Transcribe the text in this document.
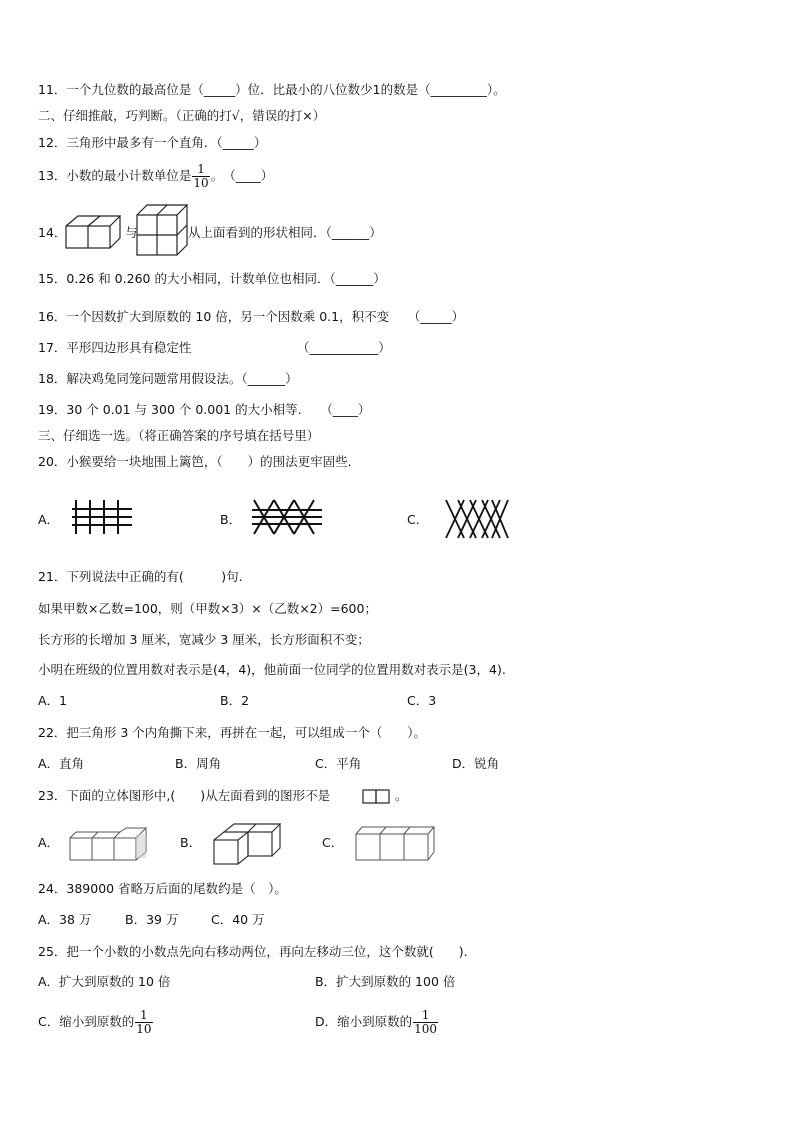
11．一个九位数的最高位是（_____）位．比最小的八位数少1的数是（_________）。
二、仔细推敲，巧判断。（正确的打√，错误的打×）
12．三角形中最多有一个直角．（_____）
13．小数的最小计数单位是 $\frac{1}{10}$ 。　（____）
14．	与	从上面看到的形状相同．（______）
15．0.26 和 0.260 的大小相同，计数单位也相同．（______）
16．一个因数扩大到原数的 10 倍，另一个因数乘 0.1，积不变　　（_____）
17．平形四边形具有稳定性	（___________）
18．解决鸡兔同笼问题常用假设法。（______）
19．30 个 0.01 与 300 个 0.001 的大小相等.　　（____）
三、仔细选一选。（将正确答案的序号填在括号里）
20．小猴要给一块地围上篱笆，（　　）的围法更牢固些.
A．	B．	C．
21．下列说法中正确的有(　　　)句.
如果甲数×乙数=100，则（甲数×3）×（乙数×2）=600；
长方形的长增加 3 厘米，宽减少 3 厘米，长方形面积不变；
小明在班级的位置用数对表示是(4，4)，他前面一位同学的位置用数对表示是(3，4).
A．1	B．2	C．3
22．把三角形 3 个内角撕下来，再拼在一起，可以组成一个（　　）。
A．直角	B．周角	C．平角	D．锐角
23．下面的立体图形中,(　　)从左面看到的图形不是	。
A．	B．	C．
24．389000 省略万后面的尾数约是（　）。
A．38 万	B．39 万	C．40 万
25．把一个小数的小数点先向右移动两位，再向左移动三位，这个数就(　　).
A．扩大到原数的 10 倍	B．扩大到原数的 100 倍
C．缩小到原数的 $\frac{1}{10}$	D．缩小到原数的 $\frac{1}{100}$
